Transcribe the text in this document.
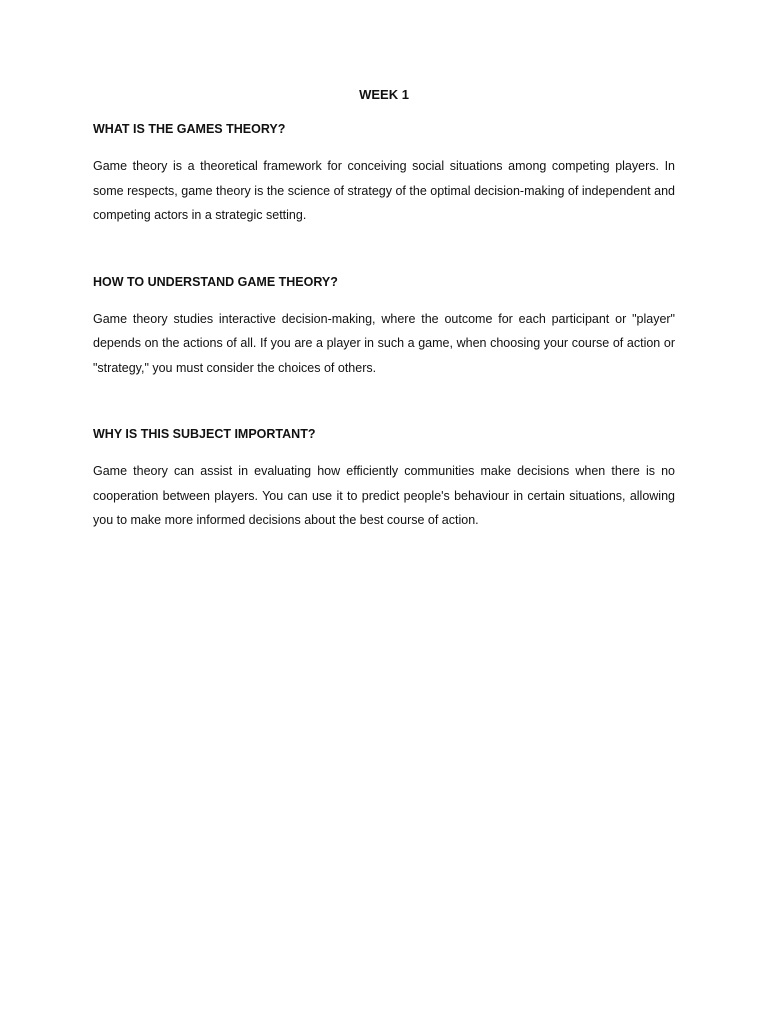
WEEK 1
WHAT IS THE GAMES THEORY?

Game theory is a theoretical framework for conceiving social situations among competing players. In some respects, game theory is the science of strategy of the optimal decision-making of independent and competing actors in a strategic setting.

HOW TO UNDERSTAND GAME THEORY?

Game theory studies interactive decision-making, where the outcome for each participant or "player" depends on the actions of all. If you are a player in such a game, when choosing your course of action or "strategy," you must consider the choices of others.

WHY IS THIS SUBJECT IMPORTANT?

Game theory can assist in evaluating how efficiently communities make decisions when there is no cooperation between players. You can use it to predict people's behaviour in certain situations, allowing you to make more informed decisions about the best course of action.
